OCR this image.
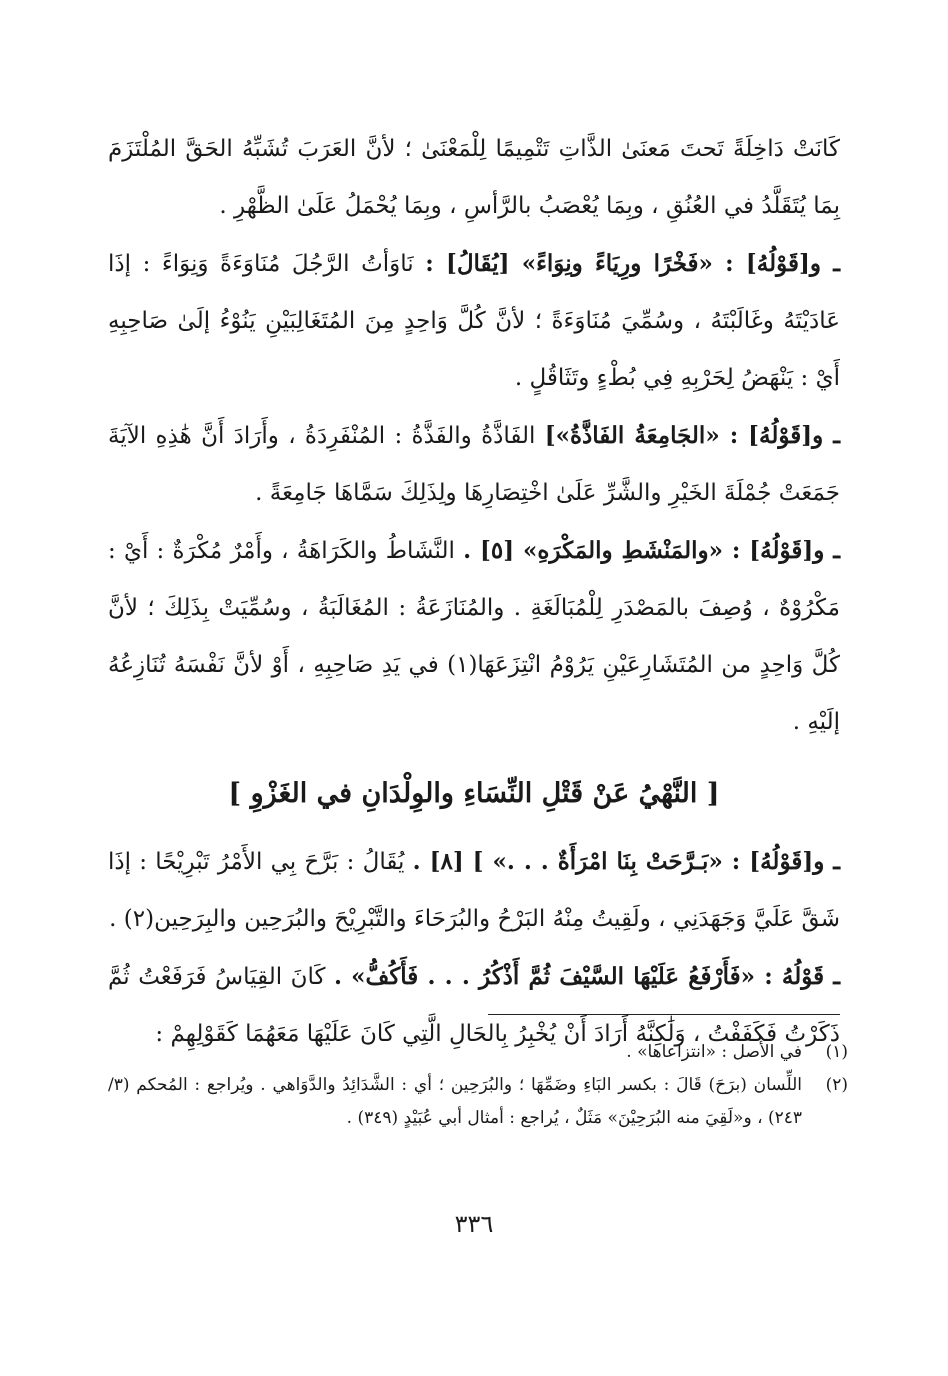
كَانَتْ دَاخِلَةً تَحتَ مَعنَىٰ الذَّاتِ تَتْمِيمًا لِلْمَعْنَىٰ ؛ لأنَّ العَرَبَ تُشَبِّهُ الحَقَّ المُلْتَزَمَ بِمَا يُتَقَلَّدُ في العُنُقِ ، وبِمَا يُعْصَبُ بالرَّأسِ ، وبِمَا يُحْمَلُ عَلَىٰ الظَّهْرِ .

ـ و[قَوْلُهُ] : «فَخْرًا ورِيَاءً ونِوَاءً» [يُقَالُ] : نَاوَأتُ الرَّجُلَ مُنَاوَءَةً وَنِوَاءً : إذَا عَادَيْتَهُ وغَالَبْتَهُ ، وسُمِّيَ مُنَاوَءَةً ؛ لأنَّ كُلَّ وَاحِدٍ مِنَ المُتَغَالِبَيْنِ يَنُوْءُ إلَىٰ صَاحِبِهِ أَيْ : يَنْهَضُ لِحَرْبِهِ فِي بُطْءٍ وتَثَاقُلٍ .

ـ و[قَوْلُهُ] : «الجَامِعَةُ الفَاذَّةُ»] الفَاذَّةُ والفَذَّةُ : المُنْفَرِدَةُ ، وأَرَادَ أَنَّ هَٰذِهِ الآيَةَ جَمَعَتْ جُمْلَةَ الخَيْرِ والشَّرِّ عَلَىٰ اخْتِصَارِهَا ولِذَلِكَ سَمَّاهَا جَامِعَةً .

ـ و[قَوْلُهُ] : «والمَنْشَطِ والمَكْرَهِ» [٥] . النَّشَاطُ والكَرَاهَةُ ، وأَمْرٌ مُكْرَةٌ : أَيْ : مَكْرُوْهٌ ، وُصِفَ بالمَصْدَرِ لِلْمُبَالَغَةِ . والمُنَازَعَةُ : المُغَالَبَةُ ، وسُمِّيَتْ بِذَلِكَ ؛ لأنَّ كُلَّ وَاحِدٍ من المُتَشَارِعَيْنِ يَرُوْمُ انْتِزَعَهَا(١) في يَدِ صَاحِبِهِ ، أَوْ لأنَّ نَفْسَهُ تُنَازِعُهُ إلَيْهِ .

[ النَّهْيُ عَنْ قَتْلِ النِّسَاءِ والوِلْدَانِ في الغَزْوِ ]

ـ و[قَوْلُهُ] : «بَـرَّحَتْ بِنَا امْرَأَةٌ . . .» ] [٨] . يُقَالُ : بَرَّحَ بِي الأَمْرُ تَبْرِيْحًا : إذَا شَقَّ عَلَيَّ وَجَهَدَنِي ، ولَقِيتُ مِنْهُ البَرْحُ والبُرَحَاءَ والتَّبْرِيْحَ والبُرَحِين والبِرَحِين(٢) .

ـ قَوْلُهُ : «فَأَرْفَعُ عَلَيْهَا السَّيْفَ ثُمَّ أَذْكُرُ . . . فَأَكُفُّ» . كَانَ القِيَاسُ فَرَفَعْتُ ثُمَّ ذَكَرْتُ فَكَفَفْتُ ، وَلَٰكِنَّهُ أَرَادَ أَنْ يُخْبِرُ بِالحَالِ الَّتِي كَانَ عَلَيْهَا مَعَهُمَا كَقَوْلِهِمْ :

(١)
في الأصل : «انتزاعاها» .
(٢)
اللِّسان (برَحَ) قَالَ : بكسر البَاءِ وضَمِّهَا ؛ والبُرَحِين ؛ أي : الشَّدَائِدُ والدَّوَاهي . ويُراجع : المُحكم (٣/ ٢٤٣) ، و«لَقِيَ منه البُرَحِيْنَ» مَثَلٌ ، يُراجع : أمثال أبي عُبَيْدٍ (٣٤٩) .
٣٣٦
